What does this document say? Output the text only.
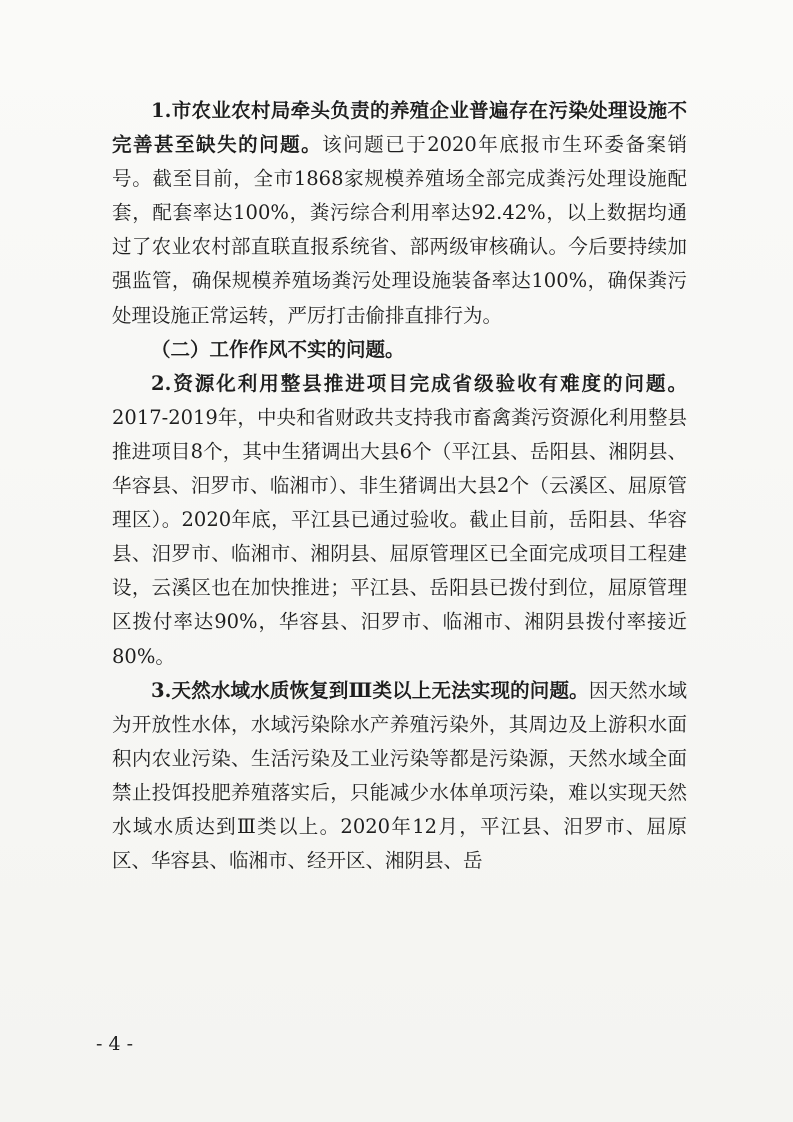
1.市农业农村局牵头负责的养殖企业普遍存在污染处理设施不完善甚至缺失的问题。该问题已于2020年底报市生环委备案销号。截至目前，全市1868家规模养殖场全部完成粪污处理设施配套，配套率达100%，粪污综合利用率达92.42%，以上数据均通过了农业农村部直联直报系统省、部两级审核确认。今后要持续加强监管，确保规模养殖场粪污处理设施装备率达100%，确保粪污处理设施正常运转，严厉打击偷排直排行为。

（二）工作作风不实的问题。

2.资源化利用整县推进项目完成省级验收有难度的问题。2017-2019年，中央和省财政共支持我市畜禽粪污资源化利用整县推进项目8个，其中生猪调出大县6个（平江县、岳阳县、湘阴县、华容县、汨罗市、临湘市）、非生猪调出大县2个（云溪区、屈原管理区）。2020年底，平江县已通过验收。截止目前，岳阳县、华容县、汨罗市、临湘市、湘阴县、屈原管理区已全面完成项目工程建设，云溪区也在加快推进；平江县、岳阳县已拨付到位，屈原管理区拨付率达90%，华容县、汨罗市、临湘市、湘阴县拨付率接近80%。

3.天然水域水质恢复到Ⅲ类以上无法实现的问题。因天然水域为开放性水体，水域污染除水产养殖污染外，其周边及上游积水面积内农业污染、生活污染及工业污染等都是污染源，天然水域全面禁止投饵投肥养殖落实后，只能减少水体单项污染，难以实现天然水域水质达到Ⅲ类以上。2020年12月，平江县、汨罗市、屈原区、华容县、临湘市、经开区、湘阴县、岳

- 4 -
